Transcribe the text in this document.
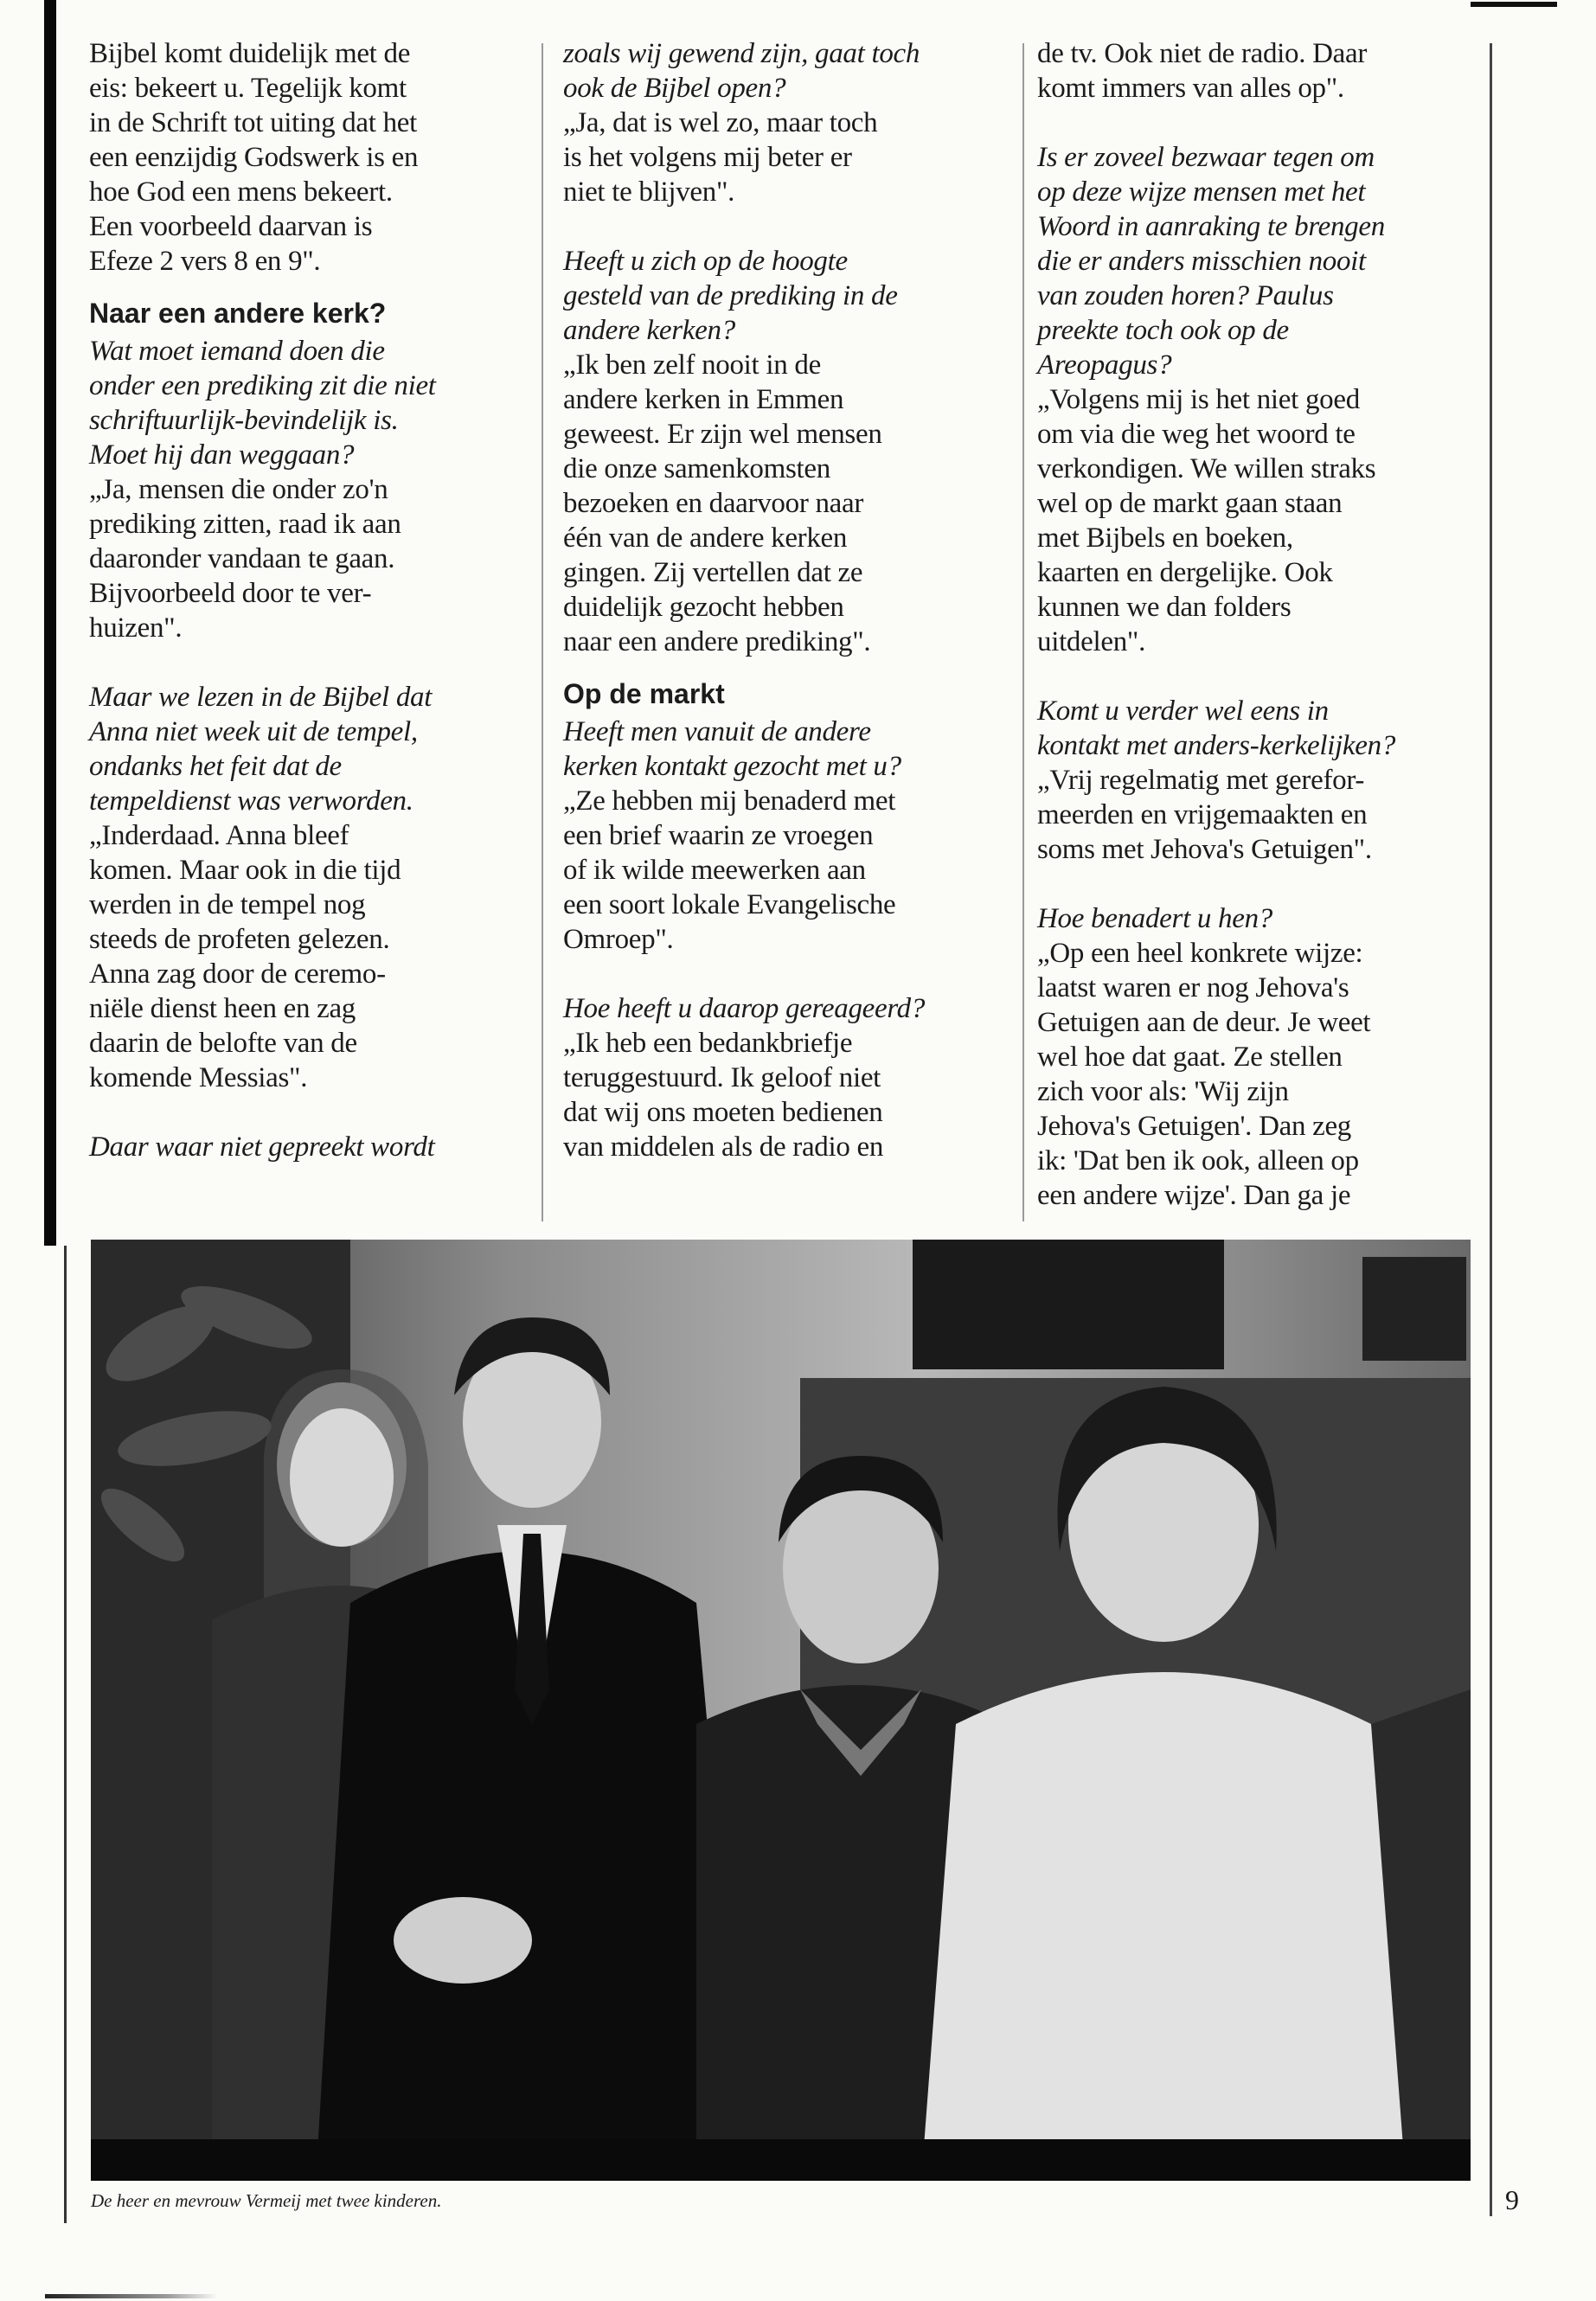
Bijbel komt duidelijk met de
eis: bekeert u. Tegelijk komt
in de Schrift tot uiting dat het
een eenzijdig Godswerk is en
hoe God een mens bekeert.
Een voorbeeld daarvan is
Efeze 2 vers 8 en 9".
Naar een andere kerk?
Wat moet iemand doen die
onder een prediking zit die niet
schriftuurlijk-bevindelijk is.
Moet hij dan weggaan?
„Ja, mensen die onder zo'n
prediking zitten, raad ik aan
daaronder vandaan te gaan.
Bijvoorbeeld door te ver-
huizen".
Maar we lezen in de Bijbel dat
Anna niet week uit de tempel,
ondanks het feit dat de
tempeldienst was verworden.
„Inderdaad. Anna bleef
komen. Maar ook in die tijd
werden in de tempel nog
steeds de profeten gelezen.
Anna zag door de ceremo-
niële dienst heen en zag
daarin de belofte van de
komende Messias".
Daar waar niet gepreekt wordt
zoals wij gewend zijn, gaat toch
ook de Bijbel open?
„Ja, dat is wel zo, maar toch
is het volgens mij beter er
niet te blijven".
Heeft u zich op de hoogte
gesteld van de prediking in de
andere kerken?
„Ik ben zelf nooit in de
andere kerken in Emmen
geweest. Er zijn wel mensen
die onze samenkomsten
bezoeken en daarvoor naar
één van de andere kerken
gingen. Zij vertellen dat ze
duidelijk gezocht hebben
naar een andere prediking".
Op de markt
Heeft men vanuit de andere
kerken kontakt gezocht met u?
„Ze hebben mij benaderd met
een brief waarin ze vroegen
of ik wilde meewerken aan
een soort lokale Evangelische
Omroep".
Hoe heeft u daarop gereageerd?
„Ik heb een bedankbriefje
teruggestuurd. Ik geloof niet
dat wij ons moeten bedienen
van middelen als de radio en
de tv. Ook niet de radio. Daar
komt immers van alles op".
Is er zoveel bezwaar tegen om
op deze wijze mensen met het
Woord in aanraking te brengen
die er anders misschien nooit
van zouden horen? Paulus
preekte toch ook op de
Areopagus?
„Volgens mij is het niet goed
om via die weg het woord te
verkondigen. We willen straks
wel op de markt gaan staan
met Bijbels en boeken,
kaarten en dergelijke. Ook
kunnen we dan folders
uitdelen".
Komt u verder wel eens in
kontakt met anders-kerkelijken?
„Vrij regelmatig met gerefor-
meerden en vrijgemaakten en
soms met Jehova's Getuigen".
Hoe benadert u hen?
„Op een heel konkrete wijze:
laatst waren er nog Jehova's
Getuigen aan de deur. Je weet
wel hoe dat gaat. Ze stellen
zich voor als: 'Wij zijn
Jehova's Getuigen'. Dan zeg
ik: 'Dat ben ik ook, alleen op
een andere wijze'. Dan ga je
De heer en mevrouw Vermeij met twee kinderen.	9
